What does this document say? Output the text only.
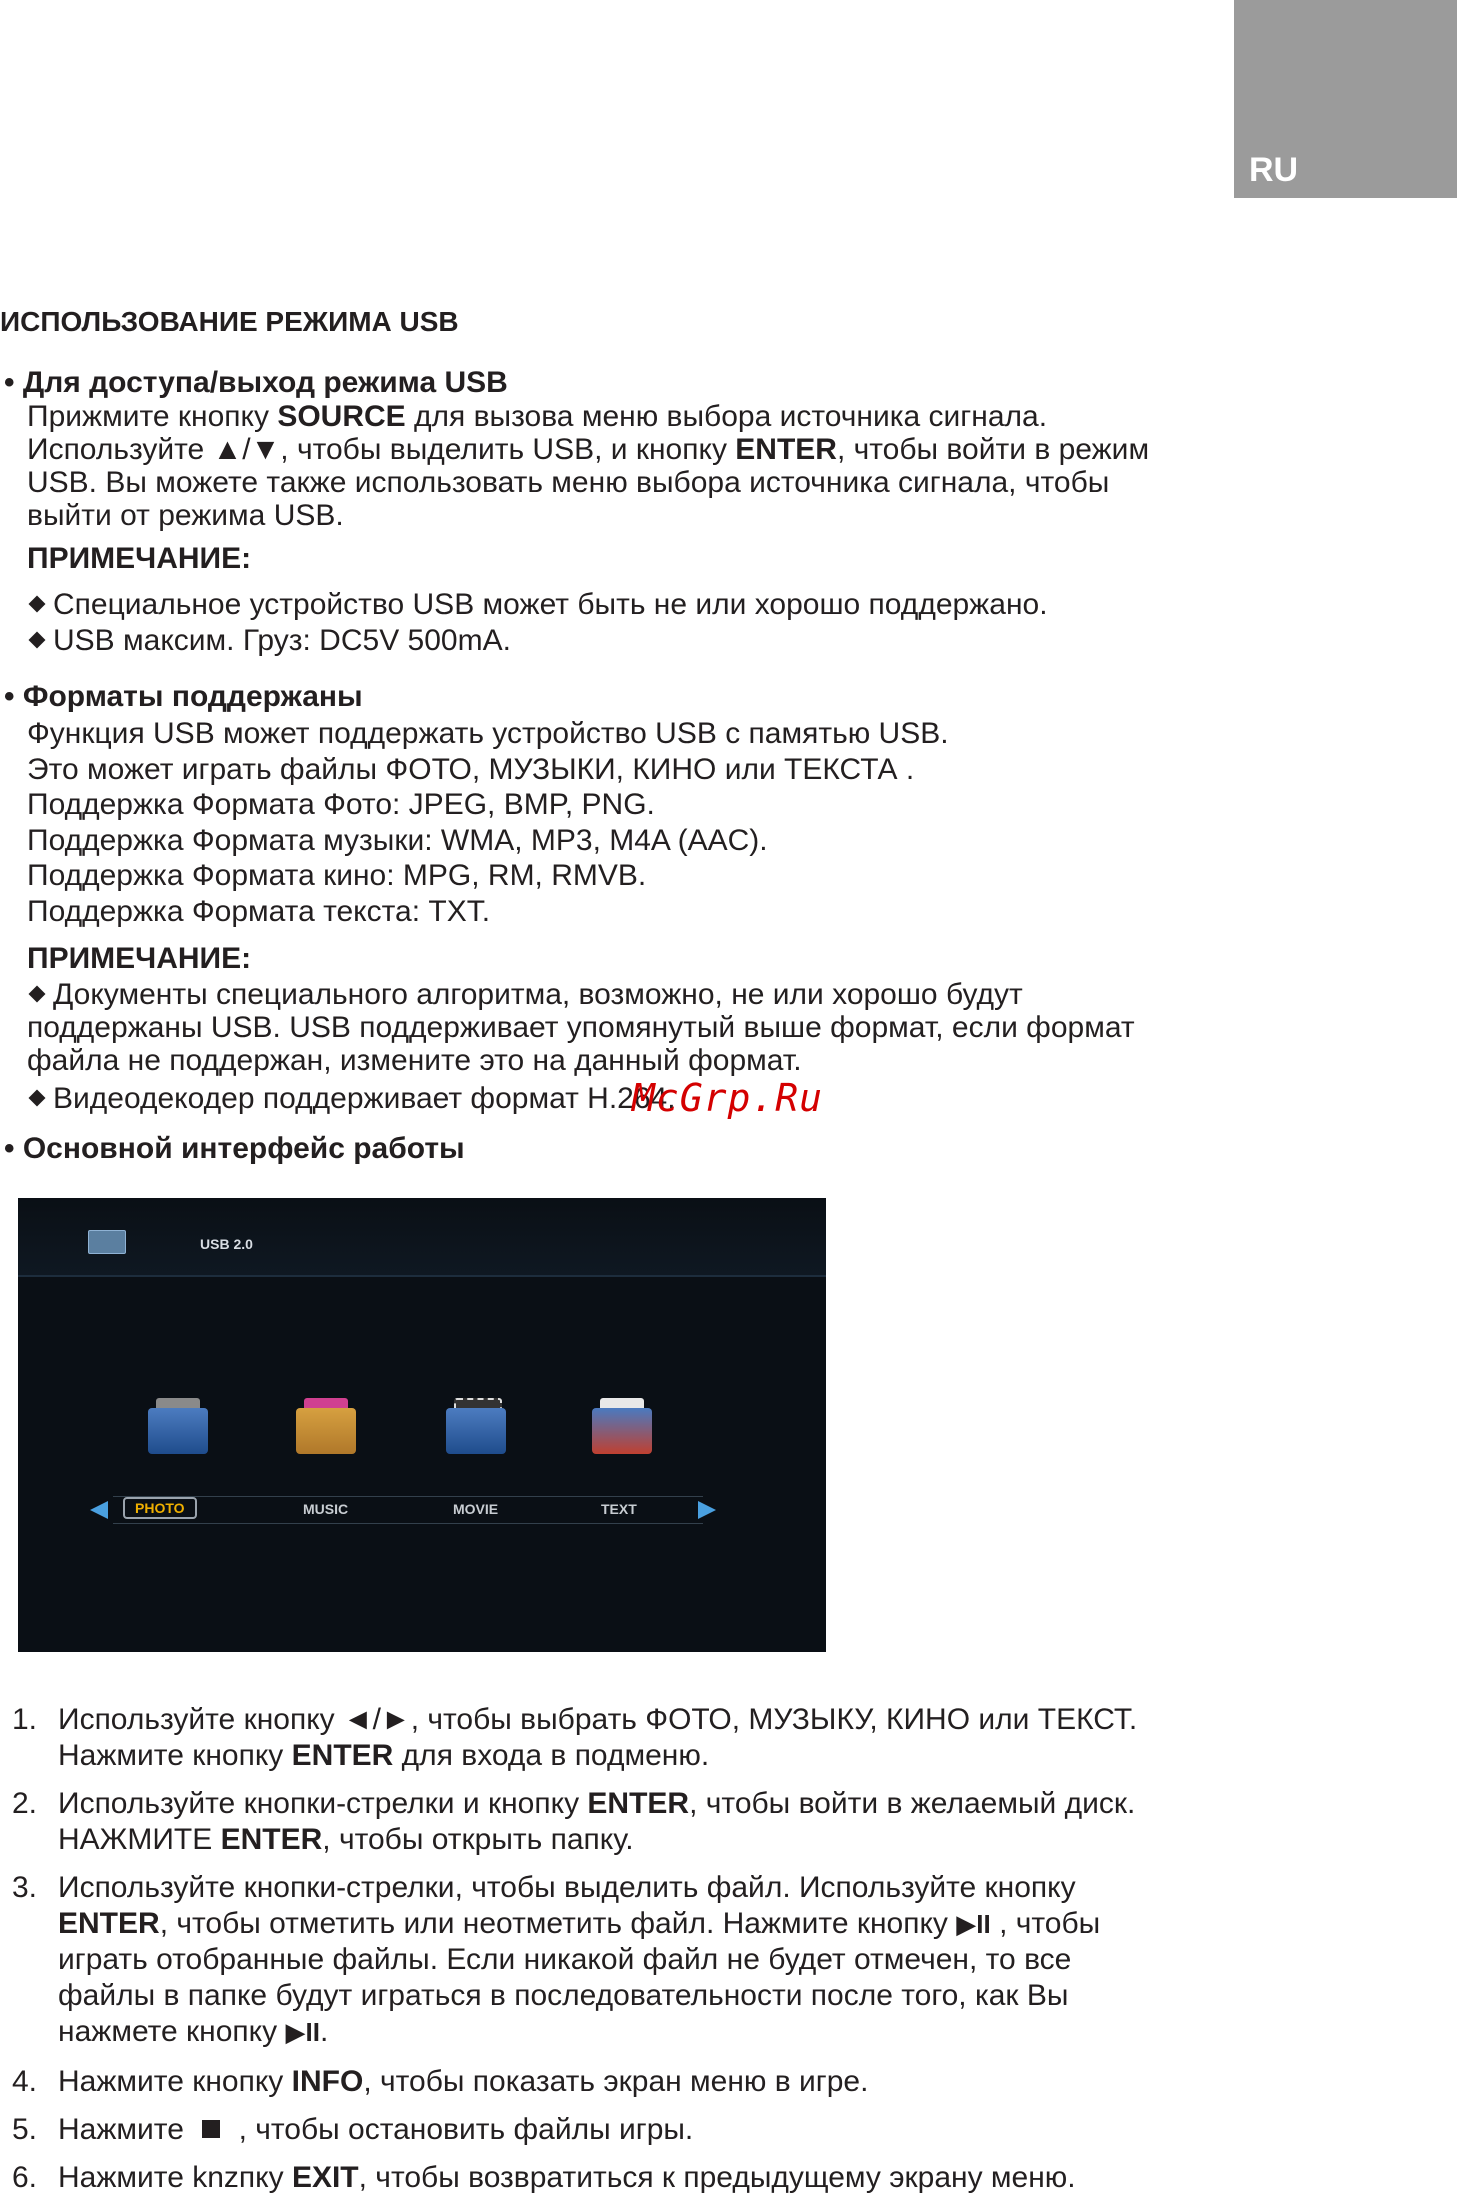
RU
ИСПОЛЬЗОВАНИЕ РЕЖИМА USB
• Для доступа/выход режима USB
Прижмите кнопку SOURCE для вызова меню выбора источника сигнала.
Используйте ▲/▼, чтобы выделить USB, и кнопку ENTER, чтобы войти в режим
USB. Вы можете также использовать меню выбора источника сигнала, чтобы
выйти от режима USB.
ПРИМЕЧАНИЕ:
Специальное устройство USB может быть не или хорошо поддержано.
USB максим. Груз: DC5V 500mA.
• Форматы поддержаны
Функция USB может поддержать устройство USB с памятью USB.
Это может играть файлы ФОТО, МУЗЫКИ, КИНО или ТЕКСТА .
Поддержка Формата Фото: JPEG, BMP, PNG.
Поддержка Формата музыки: WMA, MP3, M4A (AAC).
Поддержка Формата кино: MPG, RM, RMVB.
Поддержка Формата текста: TXT.
ПРИМЕЧАНИЕ:
Документы специального алгоритма, возможно, не или хорошо будут
поддержаны USB. USB поддерживает упомянутый выше формат, если формат
файла не поддержан, измените это на данный формат.
Видеодекодер поддерживает формат H.264.
McGrp.Ru
• Основной интерфейс работы
USB 2.0
PHOTO	MUSIC	MOVIE	TEXT
1. Используйте кнопку ◄/►, чтобы выбрать ФОТО, МУЗЫКУ, КИНО или ТЕКСТ.
Нажмите кнопку ENTER для входа в подменю.
2. Используйте кнопки-стрелки и кнопку ENTER, чтобы войти в желаемый диск.
НАЖМИТЕ ENTER, чтобы открыть папку.
3. Используйте кнопки-стрелки, чтобы выделить файл. Используйте кнопку
ENTER, чтобы отметить или неотметить файл. Нажмите кнопку ▶II , чтобы
играть отобранные файлы. Если никакой файл не будет отмечен, то все
файлы в папке будут играться в последовательности после того, как Вы
нажмете кнопку ▶II.
4. Нажмите кнопку INFO, чтобы показать экран меню в игре.
5. Нажмите  , чтобы остановить файлы игры.
6. Нажмите knzпку EXIT, чтобы возвратиться к предыдущему экрану меню.
